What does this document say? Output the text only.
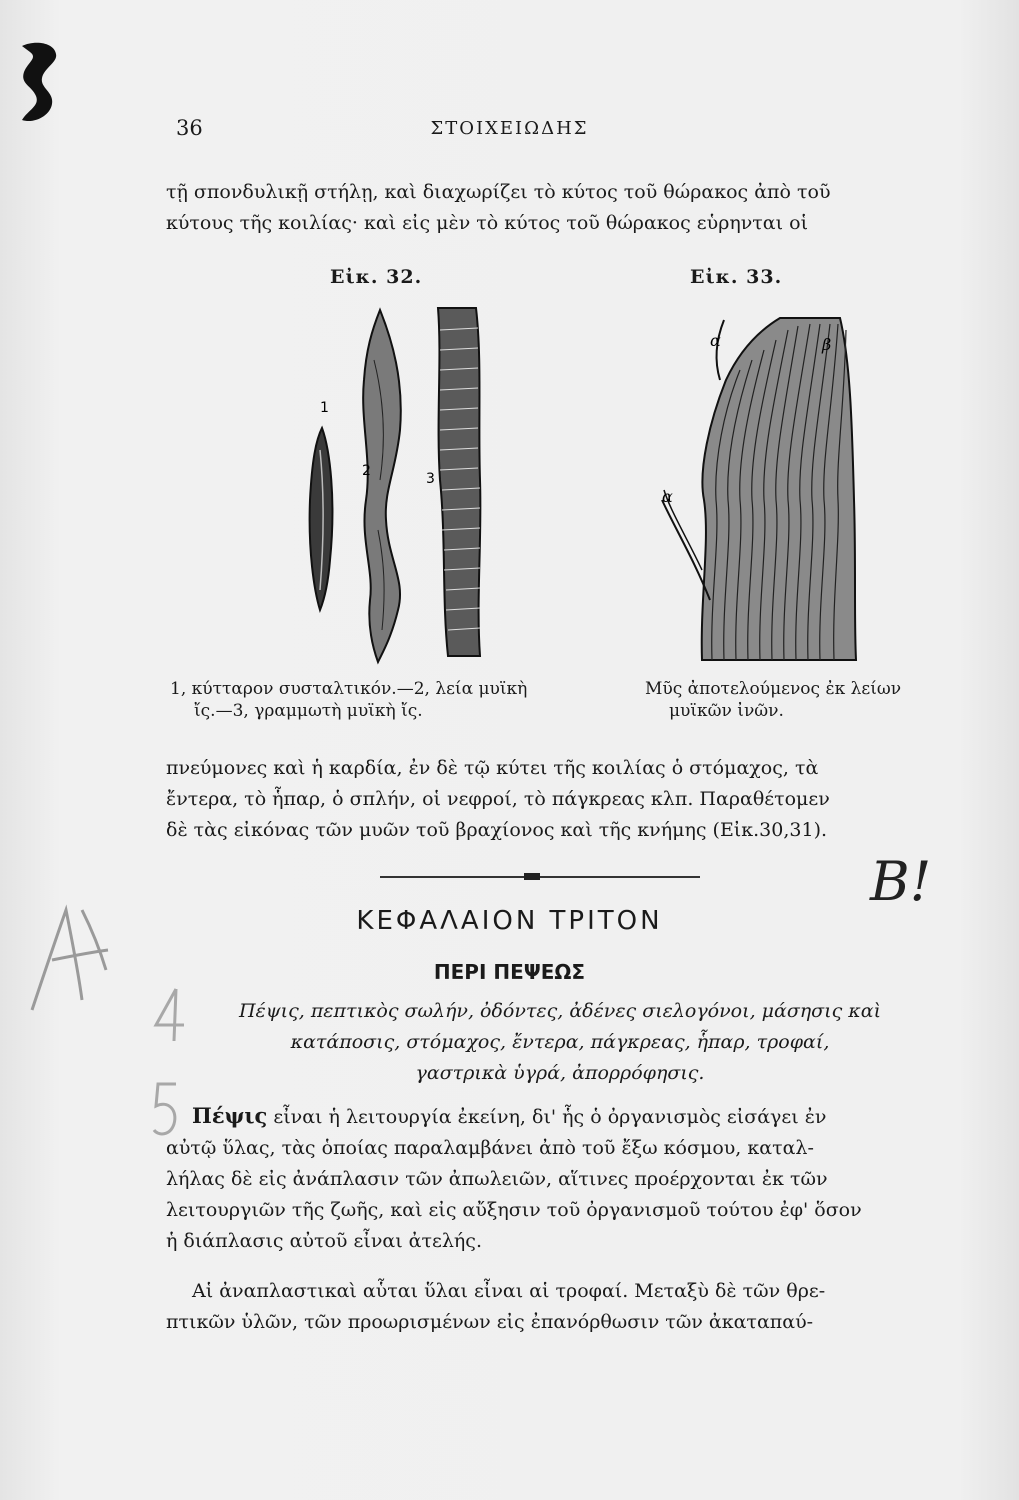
36	ΣΤΟΙΧΕΙΩΔΗΣ
τῇ σπονδυλικῇ στήλῃ, καὶ διαχωρίζει τὸ κύτος τοῦ θώρακος ἀπὸ τοῦ
κύτους τῆς κοιλίας· καὶ εἰς μὲν τὸ κύτος τοῦ θώρακος εὑρηνται οἱ
Εἰκ. 32.
1
2	3
Εἰκ. 33.
α	β
α
1, κύτταρον συσταλτικόν.—2, λεία μυϊκὴ
ἴς.—3, γραμμωτὴ μυϊκὴ ἴς.
Μῦς ἀποτελούμενος ἐκ λείων
μυϊκῶν ἰνῶν.
πνεύμονες καὶ ἡ καρδία, ἐν δὲ τῷ κύτει τῆς κοιλίας ὁ στόμαχος, τὰ
ἔντερα, τὸ ἧπαρ, ὁ σπλήν, οἱ νεφροί, τὸ πάγκρεας κλπ. Παραθέτομεν
δὲ τὰς εἰκόνας τῶν μυῶν τοῦ βραχίονος καὶ τῆς κνήμης (Εἰκ.30,31).
Β!
ΚΕΦΑΛΑΙΟΝ ΤΡΙΤΟΝ
ΠΕΡΙ ΠΕΨΕΩΣ
Πέψις, πεπτικὸς σωλήν, ὀδόντες, ἀδένες σιελογόνοι, μάσησις καὶ
κατάποσις, στόμαχος, ἔντερα, πάγκρεας, ἧπαρ, τροφαί,
γαστρικὰ ὑγρά, ἀπορρόφησις.
Πέψις εἶναι ἡ λειτουργία ἐκείνη, δι' ἧς ὁ ὀργανισμὸς εἰσάγει ἐν
αὐτῷ ὕλας, τὰς ὁποίας παραλαμβάνει ἀπὸ τοῦ ἔξω κόσμου, καταλ-
λήλας δὲ εἰς ἀνάπλασιν τῶν ἀπωλειῶν, αἵτινες προέρχονται ἐκ τῶν
λειτουργιῶν τῆς ζωῆς, καὶ εἰς αὔξησιν τοῦ ὀργανισμοῦ τούτου ἐφ' ὅσον
ἡ διάπλασις αὐτοῦ εἶναι ἀτελής.
Αἱ ἀναπλαστικαὶ αὗται ὕλαι εἶναι αἱ τροφαί. Μεταξὺ δὲ τῶν θρε-
πτικῶν ὑλῶν, τῶν προωρισμένων εἰς ἐπανόρθωσιν τῶν ἀκαταπαύ-
